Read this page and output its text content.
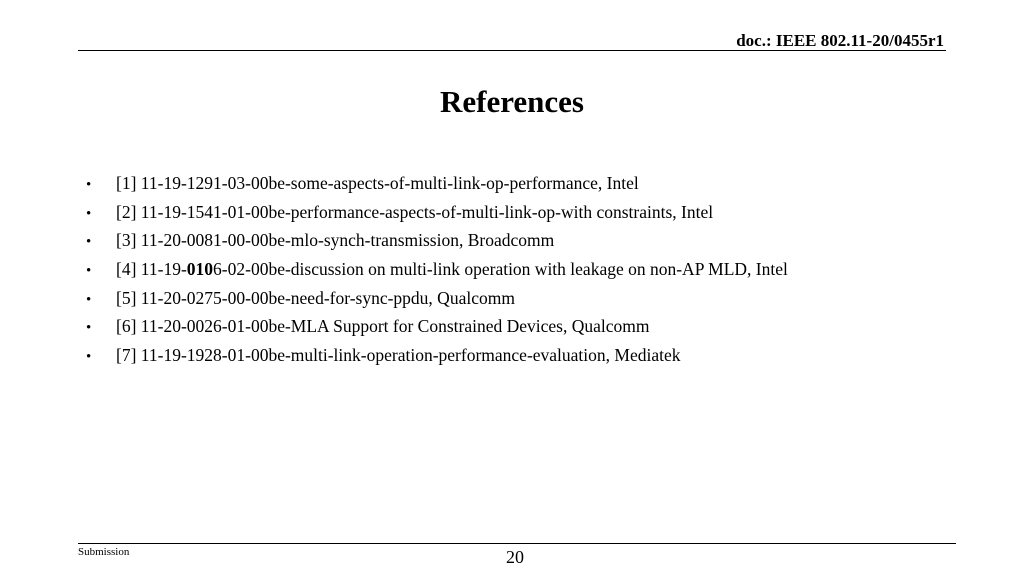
doc.: IEEE 802.11-20/0455r1
References
•	[1] 11-19-1291-03-00be-some-aspects-of-multi-link-op-performance, Intel
•	[2] 11-19-1541-01-00be-performance-aspects-of-multi-link-op-with constraints, Intel
•	[3] 11-20-0081-00-00be-mlo-synch-transmission, Broadcomm
•	[4] 11-19-0106-02-00be-discussion on multi-link operation with leakage on non-AP MLD, Intel
•	[5] 11-20-0275-00-00be-need-for-sync-ppdu, Qualcomm
•	[6] 11-20-0026-01-00be-MLA Support for Constrained Devices, Qualcomm
•	[7] 11-19-1928-01-00be-multi-link-operation-performance-evaluation, Mediatek
Submission	20
